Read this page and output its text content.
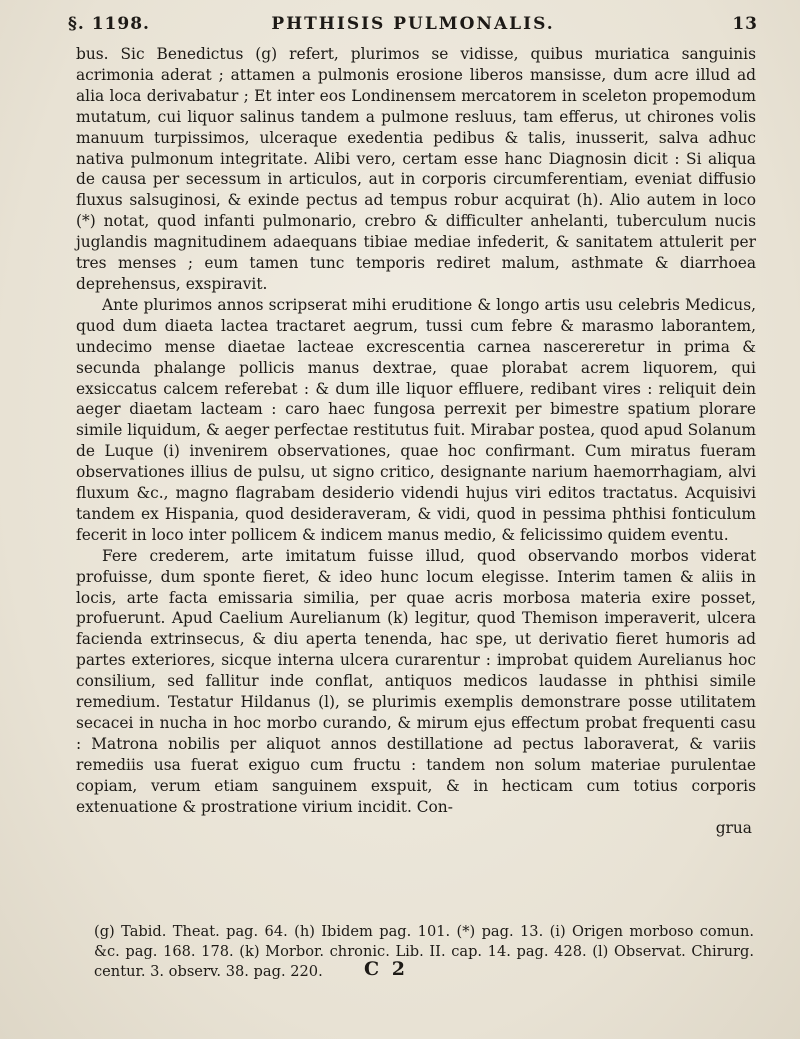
§. 1198.	PHTHISIS PULMONALIS.	13

bus. Sic Benedictus (g) refert, plurimos se vidisse, quibus muriatica sanguinis acrimonia aderat ; attamen a pulmonis erosione liberos mansisse, dum acre illud ad alia loca derivabatur ; Et inter eos Londinensem mercatorem in sceleton propemodum mutatum, cui liquor salinus tandem a pulmone resluus, tam efferus, ut chirones volis manuum turpissimos, ulceraque exedentia pedibus & talis, inusserit, salva adhuc nativa pulmonum integritate. Alibi vero, certam esse hanc Diagnosin dicit : Si aliqua de causa per secessum in articulos, aut in corporis circumferentiam, eveniat diffusio fluxus salsuginosi, & exinde pectus ad tempus robur acquirat (h). Alio autem in loco (*) notat, quod infanti pulmonario, crebro & difficulter anhelanti, tuberculum nucis juglandis magnitudinem adaequans tibiae mediae infederit, & sanitatem attulerit per tres menses ; eum tamen tunc temporis rediret malum, asthmate & diarrhoea deprehensus, exspiravit.

Ante plurimos annos scripserat mihi eruditione & longo artis usu celebris Medicus, quod dum diaeta lactea tractaret aegrum, tussi cum febre & marasmo laborantem, undecimo mense diaetae lacteae excrescentia carnea nascereretur in prima & secunda phalange pollicis manus dextrae, quae plorabat acrem liquorem, qui exsiccatus calcem referebat : & dum ille liquor effluere, redibant vires : reliquit dein aeger diaetam lacteam : caro haec fungosa perrexit per bimestre spatium plorare simile liquidum, & aeger perfectae restitutus fuit. Mirabar postea, quod apud Solanum de Luque (i) invenirem observationes, quae hoc confirmant. Cum miratus fueram observationes illius de pulsu, ut signo critico, designante narium haemorrhagiam, alvi fluxum &c., magno flagrabam desiderio videndi hujus viri editos tractatus. Acquisivi tandem ex Hispania, quod desideraveram, & vidi, quod in pessima phthisi fonticulum fecerit in loco inter pollicem & indicem manus medio, & felicissimo quidem eventu.

Fere crederem, arte imitatum fuisse illud, quod observando morbos viderat profuisse, dum sponte fieret, & ideo hunc locum elegisse. Interim tamen & aliis in locis, arte facta emissaria similia, per quae acris morbosa materia exire posset, profuerunt. Apud Caelium Aurelianum (k) legitur, quod Themison imperaverit, ulcera facienda extrinsecus, & diu aperta tenenda, hac spe, ut derivatio fieret humoris ad partes exteriores, sicque interna ulcera curarentur : improbat quidem Aurelianus hoc consilium, sed fallitur inde conflat, antiquos medicos laudasse in phthisi simile remedium. Testatur Hildanus (l), se plurimis exemplis demonstrare posse utilitatem secacei in nucha in hoc morbo curando, & mirum ejus effectum probat frequenti casu : Matrona nobilis per aliquot annos destillatione ad pectus laboraverat, & variis remediis usa fuerat exiguo cum fructu : tandem non solum materiae purulentae copiam, verum etiam sanguinem exspuit, & in hecticam cum totius corporis extenuatione & prostratione virium incidit. Con-

grua

(g) Tabid. Theat. pag. 64. (h) Ibidem pag. 101. (*) pag. 13. (i) Origen morboso comun. &c. pag. 168. 178. (k) Morbor. chronic. Lib. II. cap. 14. pag. 428. (l) Observat. Chirurg. centur. 3. observ. 38. pag. 220.	C 2
